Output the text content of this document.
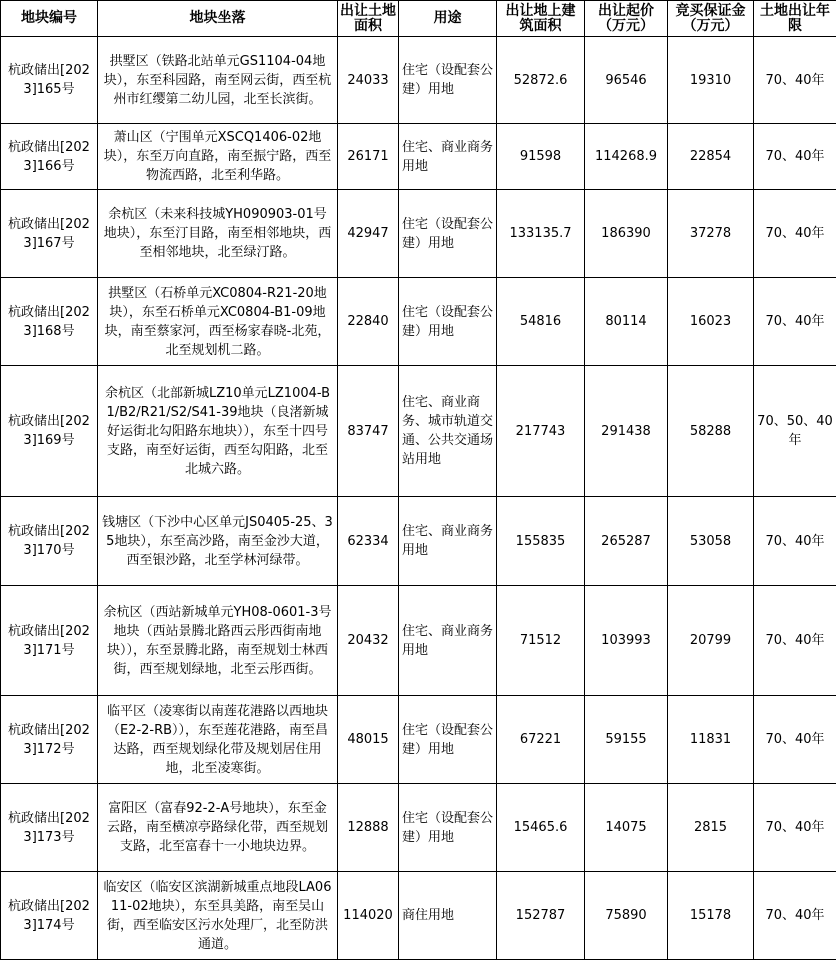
地块编号	地块坐落	出让土地面积	用途	出让地上建筑面积	出让起价（万元）	竞买保证金（万元）	土地出让年限
杭政储出[2023]165号	拱墅区（铁路北站单元GS1104-04地块），东至科园路，南至网云街，西至杭州市红缨第二幼儿园，北至长滨街。	24033	住宅（设配套公建）用地	52872.6	96546	19310	70、40年
杭政储出[2023]166号	萧山区（宁围单元XSCQ1406-02地块），东至万向直路，南至振宁路，西至物流西路，北至利华路。	26171	住宅、商业商务用地	91598	114268.9	22854	70、40年
杭政储出[2023]167号	余杭区（未来科技城YH090903-01号地块），东至汀目路，南至相邻地块，西至相邻地块，北至绿汀路。	42947	住宅（设配套公建）用地	133135.7	186390	37278	70、40年
杭政储出[2023]168号	拱墅区（石桥单元XC0804-R21-20地块），东至石桥单元XC0804-B1-09地块，南至蔡家河，西至杨家春晓-北苑，北至规划机二路。	22840	住宅（设配套公建）用地	54816	80114	16023	70、40年
杭政储出[2023]169号	余杭区（北部新城LZ10单元LZ1004-B1/B2/R21/S2/S41-39地块（良渚新城好运街北勾阳路东地块）），东至十四号支路，南至好运街，西至勾阳路，北至北城六路。	83747	住宅、商业商务、城市轨道交通、公共交通场站用地	217743	291438	58288	70、50、40年
杭政储出[2023]170号	钱塘区（下沙中心区单元JS0405-25、35地块），东至高沙路，南至金沙大道，西至银沙路，北至学林河绿带。	62334	住宅、商业商务用地	155835	265287	53058	70、40年
杭政储出[2023]171号	余杭区（西站新城单元YH08-0601-3号地块（西站景腾北路西云彤西街南地块）），东至景腾北路，南至规划士林西街，西至规划绿地，北至云彤西街。	20432	住宅、商业商务用地	71512	103993	20799	70、40年
杭政储出[2023]172号	临平区（凌寒街以南莲花港路以西地块（E2-2-RB）），东至莲花港路，南至昌达路，西至规划绿化带及规划居住用地，北至凌寒街。	48015	住宅（设配套公建）用地	67221	59155	11831	70、40年
杭政储出[2023]173号	富阳区（富春92-2-A号地块），东至金云路，南至横凉亭路绿化带，西至规划支路，北至富春十一小地块边界。	12888	住宅（设配套公建）用地	15465.6	14075	2815	70、40年
杭政储出[2023]174号	临安区（临安区滨湖新城重点地段LA0611-02地块），东至具美路，南至吴山街，西至临安区污水处理厂，北至防洪通道。	114020	商住用地	152787	75890	15178	70、40年
